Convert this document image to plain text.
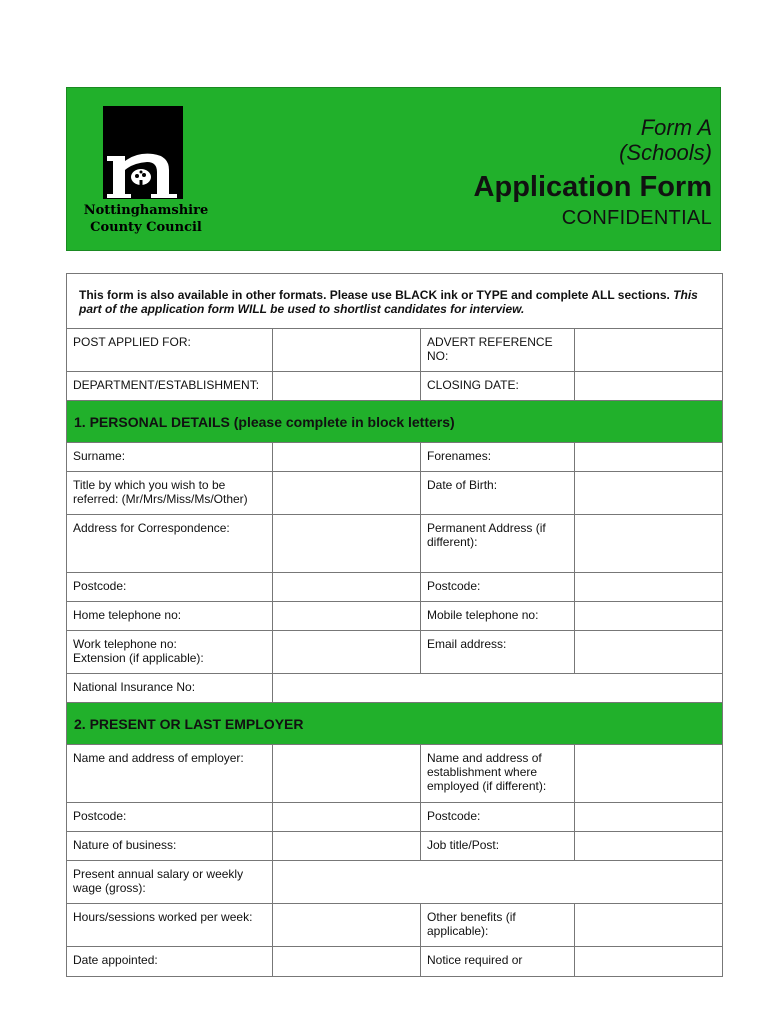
Nottinghamshire
County Council
Form A
(Schools)
Application Form
CONFIDENTIAL
This form is also available in other formats. Please use BLACK ink or TYPE and complete ALL sections. This part of the application form WILL be used to shortlist candidates for interview.			
POST APPLIED FOR:		ADVERT REFERENCE NO:	
DEPARTMENT/ESTABLISHMENT:		CLOSING DATE:	
1. PERSONAL DETAILS (please complete in block letters)			
Surname:		Forenames:	
Title by which you wish to be
referred: (Mr/Mrs/Miss/Ms/Other)		Date of Birth:	
Address for Correspondence:		Permanent Address (if
different):	
Postcode:		Postcode:	
Home telephone no:		Mobile telephone no:	
Work telephone no:
Extension (if applicable):		Email address:	
National Insurance No:			
2. PRESENT OR LAST EMPLOYER			
Name and address of employer:		Name and address of
establishment where
employed (if different):	
Postcode:		Postcode:	
Nature of business:		Job title/Post:	
Present annual salary or weekly
wage (gross):			
Hours/sessions worked per week:		Other benefits (if
applicable):	
Date appointed:		Notice required or	
